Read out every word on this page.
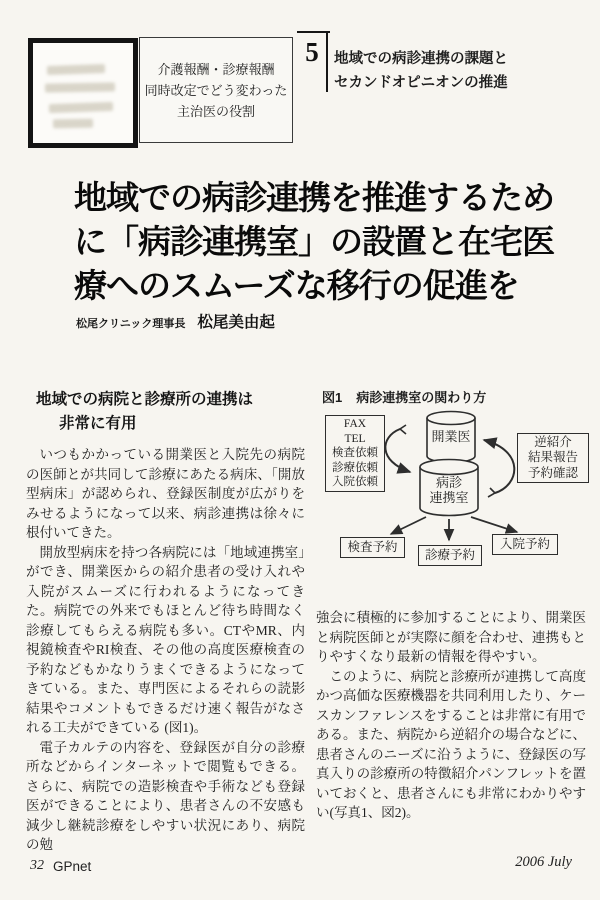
介護報酬・診療報酬
同時改定でどう変わった
主治医の役割
5	地域での病診連携の課題と
セカンドオピニオンの推進
地域での病診連携を推進するため
に「病診連携室」の設置と在宅医
療へのスムーズな移行の促進を
松尾クリニック理事長 松尾美由起
地域での病院と診療所の連携は
非常に有用

いつもかかっている開業医と入院先の病院の医師とが共同して診療にあたる病床、「開放型病床」が認められ、登録医制度が広がりをみせるようになって以来、病診連携は徐々に根付いてきた。

開放型病床を持つ各病院には「地域連携室」ができ、開業医からの紹介患者の受け入れや入院がスムーズに行われるようになってきた。病院での外来でもほとんど待ち時間なく診療してもらえる病院も多い。CTやMR、内視鏡検査やRI検査、その他の高度医療検査の予約などもかなりうまくできるようになってきている。また、専門医によるそれらの読影結果やコメントもできるだけ速く報告がなされる工夫ができている (図1)。

電子カルテの内容を、登録医が自分の診療所などからインターネットで閲覧もできる。さらに、病院での造影検査や手術なども登録医ができることにより、患者さんの不安感も減少し継続診療をしやすい状況にあり、病院の勉

図1 病診連携室の関わり方
FAX
TEL
検査依頼
診療依頼
入院依頼
逆紹介
結果報告
予約確認
開業医
病診
連携室
検査予約
診療予約
入院予約

強会に積極的に参加することにより、開業医と病院医師とが実際に顔を合わせ、連携もとりやすくなり最新の情報を得やすい。

このように、病院と診療所が連携して高度かつ高価な医療機器を共同利用したり、ケースカンファレンスをすることは非常に有用である。また、病院から逆紹介の場合などに、患者さんのニーズに沿うように、登録医の写真入りの診療所の特徴紹介パンフレットを置いておくと、患者さんにも非常にわかりやすい(写真1、図2)。

32 GPnet	2006 July
